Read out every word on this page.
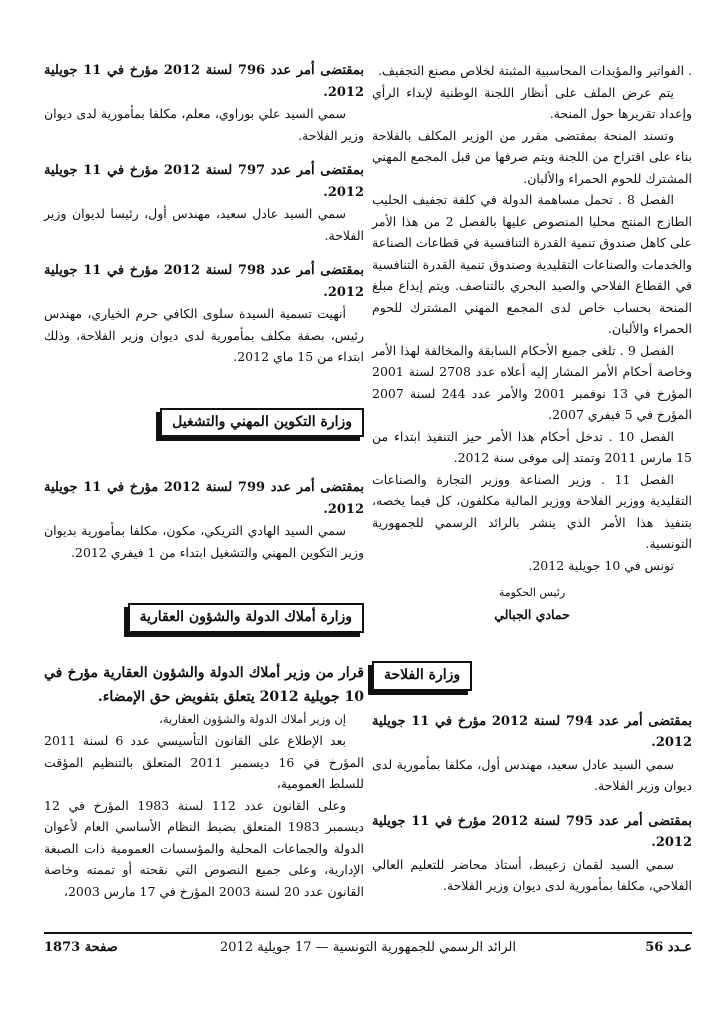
. الفواتير والمؤيدات المحاسبية المثبتة لخلاص مصنع التجفيف.

يتم عرض الملف على أنظار اللجنة الوطنية لإبداء الرأي وإعداد تقريرها حول المنحة.

وتسند المنحة بمقتضى مقرر من الوزير المكلف بالفلاحة بناء على اقتراح من اللجنة ويتم صرفها من قبل المجمع المهني المشترك للحوم الحمراء والألبان.

الفصل 8 . تحمل مساهمة الدولة في كلفة تجفيف الحليب الطازج المنتج محليا المنصوص عليها بالفصل 2 من هذا الأمر على كاهل صندوق تنمية القدرة التنافسية في قطاعات الصناعة والخدمات والصناعات التقليدية وصندوق تنمية القدرة التنافسية في القطاع الفلاحي والصيد البحري بالتناصف. ويتم إيداع مبلغ المنحة بحساب خاص لدى المجمع المهني المشترك للحوم الحمراء والألبان.

الفصل 9 . تلغى جميع الأحكام السابقة والمخالفة لهذا الأمر وخاصة أحكام الأمر المشار إليه أعلاه عدد 2708 لسنة 2001 المؤرخ في 13 نوفمبر 2001 والأمر عدد 244 لسنة 2007 المؤرخ في 5 فيفري 2007.

الفصل 10 . تدخل أحكام هذا الأمر حيز التنفيذ ابتداء من 15 مارس 2011 وتمتد إلى موفى سنة 2012.

الفصل 11 . وزير الصناعة ووزير التجارة والصناعات التقليدية ووزير الفلاحة ووزير المالية مكلفون، كل فيما يخصه، بتنفيذ هذا الأمر الذي ينشر بالرائد الرسمي للجمهورية التونسية.

تونس في 10 جويلية 2012.

رئيس الحكومة

حمادي الجبالي

وزارة الفلاحة

بمقتضى أمر عدد 794 لسنة 2012 مؤرخ في 11 جويلية 2012.

سمي السيد عادل سعيد، مهندس أول، مكلفا بمأمورية لدى ديوان وزير الفلاحة.

بمقتضى أمر عدد 795 لسنة 2012 مؤرخ في 11 جويلية 2012.

سمي السيد لقمان زعيبط، أستاذ محاضر للتعليم العالي الفلاحي، مكلفا بمأمورية لدى ديوان وزير الفلاحة.

بمقتضى أمر عدد 796 لسنة 2012 مؤرخ في 11 جويلية 2012.

سمي السيد علي بوراوي، معلم، مكلفا بمأمورية لدى ديوان وزير الفلاحة.

بمقتضى أمر عدد 797 لسنة 2012 مؤرخ في 11 جويلية 2012.

سمي السيد عادل سعيد، مهندس أول، رئيسا لديوان وزير الفلاحة.

بمقتضى أمر عدد 798 لسنة 2012 مؤرخ في 11 جويلية 2012.

أنهيت تسمية السيدة سلوى الكافي حرم الخياري، مهندس رئيس، بصفة مكلف بمأمورية لدى ديوان وزير الفلاحة، وذلك ابتداء من 15 ماي 2012.

وزارة التكوين المهني والتشغيل

بمقتضى أمر عدد 799 لسنة 2012 مؤرخ في 11 جويلية 2012.

سمي السيد الهادي التريكي، مكون، مكلفا بمأمورية بديوان وزير التكوين المهني والتشغيل ابتداء من 1 فيفري 2012.

وزارة أملاك الدولة والشؤون العقارية

قرار من وزير أملاك الدولة والشؤون العقارية مؤرخ في 10 جويلية 2012 يتعلق بتفويض حق الإمضاء.

إن وزير أملاك الدولة والشؤون العقارية،

بعد الإطلاع على القانون التأسيسي عدد 6 لسنة 2011 المؤرخ في 16 ديسمبر 2011 المتعلق بالتنظيم المؤقت للسلط العمومية،

وعلى القانون عدد 112 لسنة 1983 المؤرخ في 12 ديسمبر 1983 المتعلق بضبط النظام الأساسي العام لأعوان الدولة والجماعات المحلية والمؤسسات العمومية ذات الصبغة الإدارية، وعلى جميع النصوص التي نقحته أو تممته وخاصة القانون عدد 20 لسنة 2003 المؤرخ في 17 مارس 2003،

عـدد 56
الرائد الرسمي للجمهورية التونسية — 17 جويلية 2012
صفحة 1873
